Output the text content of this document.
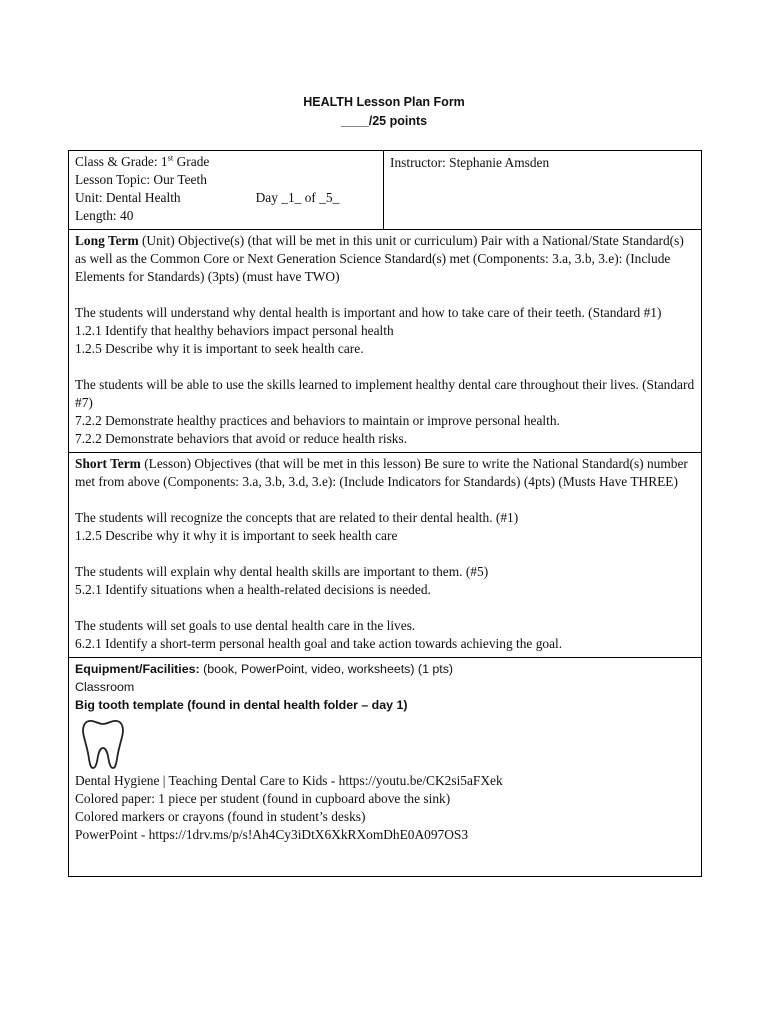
HEALTH Lesson Plan Form
____/25 points
Class & Grade: 1st Grade
Lesson Topic: Our Teeth
Unit: Dental Health	Day _1_ of _5_
Length: 40

Instructor: Stephanie Amsden

Long Term (Unit) Objective(s) (that will be met in this unit or curriculum) Pair with a National/State Standard(s) as well as the Common Core or Next Generation Science Standard(s) met (Components: 3.a, 3.b, 3.e): (Include Elements for Standards) (3pts) (must have TWO)
The students will understand why dental health is important and how to take care of their teeth. (Standard #1)
1.2.1 Identify that healthy behaviors impact personal health
1.2.5 Describe why it is important to seek health care.
The students will be able to use the skills learned to implement healthy dental care throughout their lives. (Standard #7)
7.2.2 Demonstrate healthy practices and behaviors to maintain or improve personal health.
7.2.2 Demonstrate behaviors that avoid or reduce health risks.

Short Term (Lesson) Objectives (that will be met in this lesson) Be sure to write the National Standard(s) number met from above (Components: 3.a, 3.b, 3.d, 3.e): (Include Indicators for Standards) (4pts) (Musts Have THREE)
The students will recognize the concepts that are related to their dental health. (#1)
1.2.5 Describe why it why it is important to seek health care
The students will explain why dental health skills are important to them. (#5)
5.2.1 Identify situations when a health-related decisions is needed.
The students will set goals to use dental health care in the lives.
6.2.1 Identify a short-term personal health goal and take action towards achieving the goal.

Equipment/Facilities: (book, PowerPoint, video, worksheets) (1 pts)
Classroom
Big tooth template (found in dental health folder – day 1)
Dental Hygiene | Teaching Dental Care to Kids - https://youtu.be/CK2si5aFXek
Colored paper: 1 piece per student (found in cupboard above the sink)
Colored markers or crayons (found in student’s desks)
PowerPoint - https://1drv.ms/p/s!Ah4Cy3iDtX6XkRXomDhE0A097OS3
